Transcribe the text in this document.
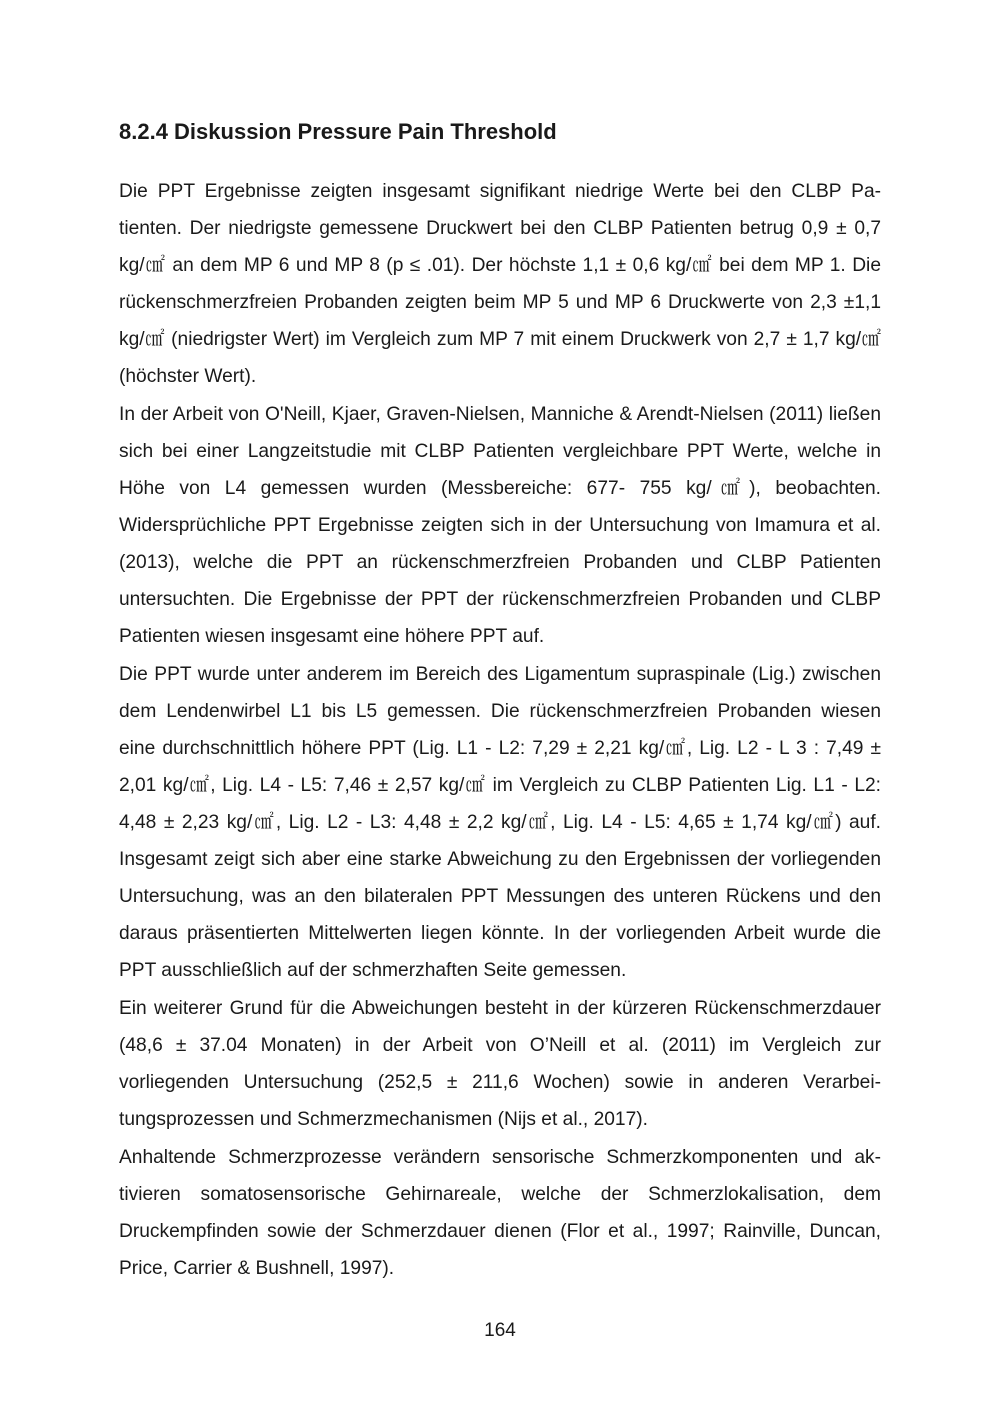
8.2.4 Diskussion Pressure Pain Threshold

Die PPT Ergebnisse zeigten insgesamt signifikant niedrige Werte bei den CLBP Patienten. Der niedrigste gemessene Druckwert bei den CLBP Patienten betrug 0,9 ± 0,7 kg/㎠ an dem MP 6 und MP 8 (p ≤ .01). Der höchste 1,1 ± 0,6 kg/㎠ bei dem MP 1. Die rückenschmerzfreien Probanden zeigten beim MP 5 und MP 6 Druckwerte von 2,3 ±1,1 kg/㎠ (niedrigster Wert) im Vergleich zum MP 7 mit einem Druckwerk von 2,7 ± 1,7 kg/㎠ (höchster Wert).

In der Arbeit von O'Neill, Kjaer, Graven-Nielsen, Manniche & Arendt-Nielsen (2011) ließen sich bei einer Langzeitstudie mit CLBP Patienten vergleichbare PPT Werte, welche in Höhe von L4 gemessen wurden (Messbereiche: 677- 755 kg/㎠), beobachten. Widersprüchliche PPT Ergebnisse zeigten sich in der Untersuchung von Imamura et al. (2013), welche die PPT an rückenschmerzfreien Probanden und CLBP Patienten untersuchten. Die Ergebnisse der PPT der rückenschmerzfreien Probanden und CLBP Patienten wiesen insgesamt eine höhere PPT auf.

Die PPT wurde unter anderem im Bereich des Ligamentum supraspinale (Lig.) zwischen dem Lendenwirbel L1 bis L5 gemessen. Die rückenschmerzfreien Probanden wiesen eine durchschnittlich höhere PPT (Lig. L1 - L2: 7,29 ± 2,21 kg/㎠, Lig. L2 - L 3 : 7,49 ± 2,01 kg/㎠, Lig. L4 - L5: 7,46 ± 2,57 kg/㎠ im Vergleich zu CLBP Patienten Lig. L1 - L2: 4,48 ± 2,23 kg/㎠, Lig. L2 - L3: 4,48 ± 2,2 kg/㎠, Lig. L4 - L5: 4,65 ± 1,74 kg/㎠) auf. Insgesamt zeigt sich aber eine starke Abweichung zu den Ergebnissen der vorliegenden Untersuchung, was an den bilateralen PPT Messungen des unteren Rückens und den daraus präsentierten Mittelwerten liegen könnte. In der vorliegenden Arbeit wurde die PPT ausschließlich auf der schmerzhaften Seite gemessen.

Ein weiterer Grund für die Abweichungen besteht in der kürzeren Rückenschmerzdauer (48,6 ± 37.04 Monaten) in der Arbeit von O’Neill et al. (2011) im Vergleich zur vorliegenden Untersuchung (252,5 ± 211,6 Wochen) sowie in anderen Verarbeitungsprozessen und Schmerzmechanismen (Nijs et al., 2017).

Anhaltende Schmerzprozesse verändern sensorische Schmerzkomponenten und aktivieren somatosensorische Gehirnareale, welche der Schmerzlokalisation, dem Druckempfinden sowie der Schmerzdauer dienen (Flor et al., 1997; Rainville, Duncan, Price, Carrier & Bushnell, 1997).

164
